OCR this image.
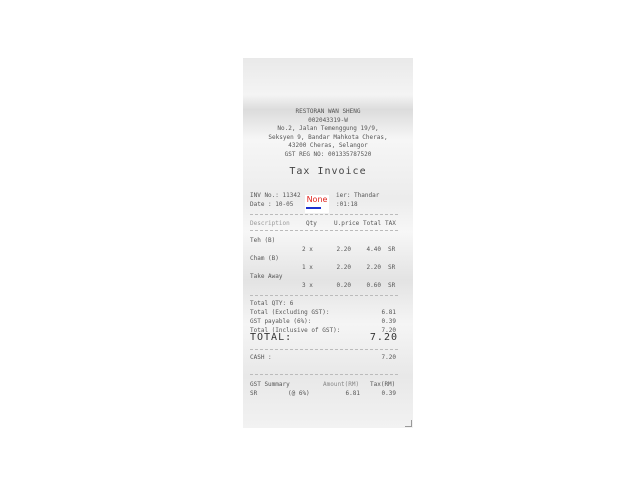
RESTORAN WAN SHENG
002043319-W
No.2, Jalan Temenggung 19/9,
Seksyen 9, Bandar Mahkota Cheras,
43200 Cheras, Selangor
GST REG NO: 001335787520
Tax Invoice
INV No.: 11342	ier: Thandar
Date : 10-05	:01:18
None
Description	Qty	U.price Total TAX
Teh (B)
2 x	2.20	4.40 SR
Cham (B)
1 x	2.20	2.20 SR
Take Away
3 x	0.20	0.60 SR
Total QTY: 6
Total (Excluding GST):	6.81
GST payable (6%):	0.39
Total (Inclusive of GST):	7.20
TOTAL:	7.20
CASH :	7.20
GST Summary	Amount(RM) Tax(RM)
SR	(@ 6%)	6.81	0.39
